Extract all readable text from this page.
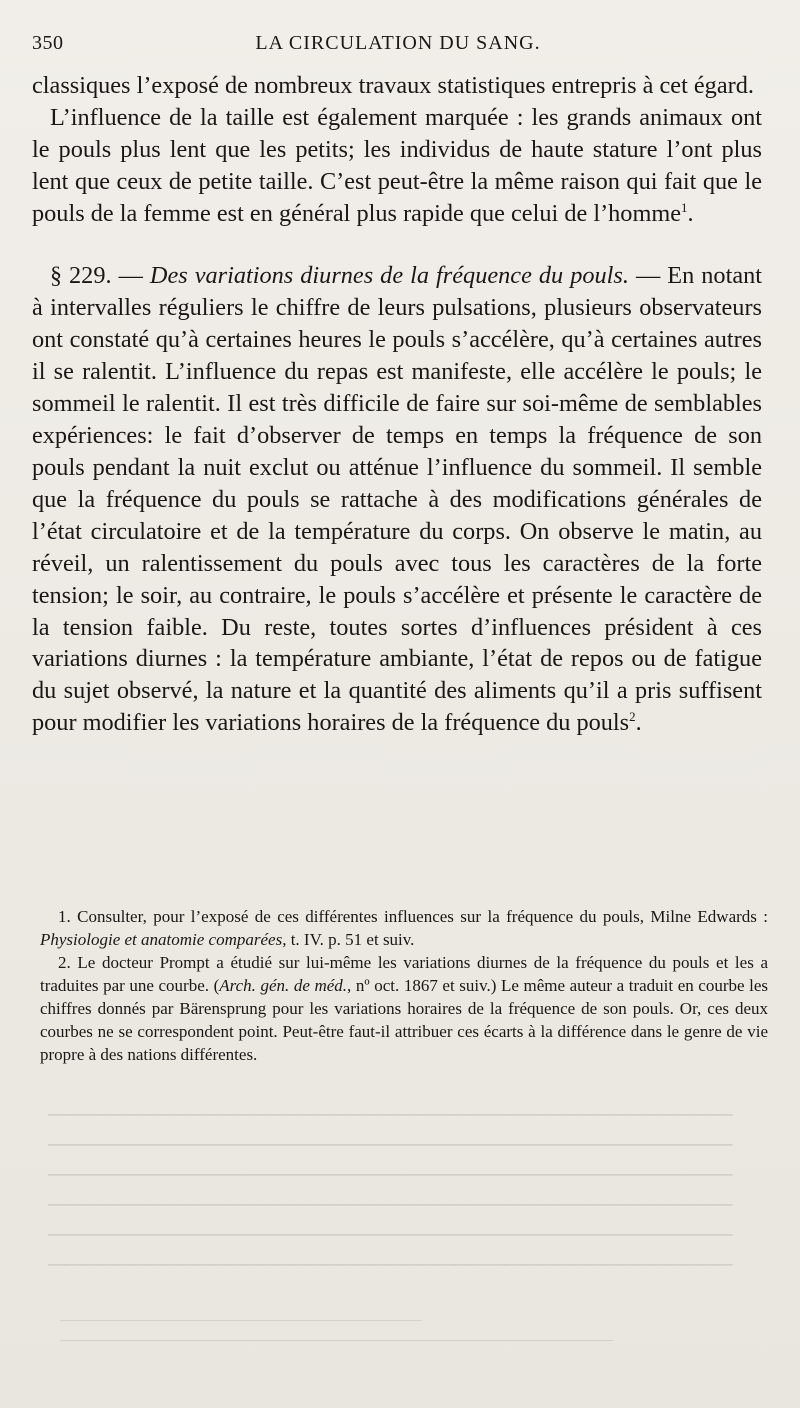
350	LA CIRCULATION DU SANG.

classiques l’exposé de nombreux travaux statistiques entrepris à cet égard.

L’influence de la taille est également marquée : les grands animaux ont le pouls plus lent que les petits; les individus de haute stature l’ont plus lent que ceux de petite taille. C’est peut-être la même raison qui fait que le pouls de la femme est en général plus rapide que celui de l’homme$^1$.

§ 229. — Des variations diurnes de la fréquence du pouls. — En notant à intervalles réguliers le chiffre de leurs pulsations, plusieurs observateurs ont constaté qu’à certaines heures le pouls s’accélère, qu’à certaines autres il se ralentit. L’influence du repas est manifeste, elle accélère le pouls; le sommeil le ralentit. Il est très difficile de faire sur soi-même de semblables expériences: le fait d’observer de temps en temps la fréquence de son pouls pendant la nuit exclut ou atténue l’influence du sommeil. Il semble que la fréquence du pouls se rattache à des modifications générales de l’état circulatoire et de la température du corps. On observe le matin, au réveil, un ralentissement du pouls avec tous les caractères de la forte tension; le soir, au contraire, le pouls s’accélère et présente le caractère de la tension faible. Du reste, toutes sortes d’influences président à ces variations diurnes : la température ambiante, l’état de repos ou de fatigue du sujet observé, la nature et la quantité des aliments qu’il a pris suffisent pour modifier les variations horaires de la fréquence du pouls$^2$.

1. Consulter, pour l’exposé de ces différentes influences sur la fréquence du pouls, Milne Edwards : Physiologie et anatomie comparées, t. IV. p. 51 et suiv.

2. Le docteur Prompt a étudié sur lui-même les variations diurnes de la fréquence du pouls et les a traduites par une courbe. (Arch. gén. de méd., nº oct. 1867 et suiv.) Le même auteur a traduit en courbe les chiffres donnés par Bärensprung pour les variations horaires de la fréquence de son pouls. Or, ces deux courbes ne se correspondent point. Peut-être faut-il attribuer ces écarts à la différence dans le genre de vie propre à des nations différentes.

──────────────────────────────────────────
──────────────────────────────────────────
──────────────────────────────────────────
──────────────────────────────────────────
──────────────────────────────────────────
──────────────────────────────────────────
────────────────────────────────────────────────────
──────────────────────────────────
